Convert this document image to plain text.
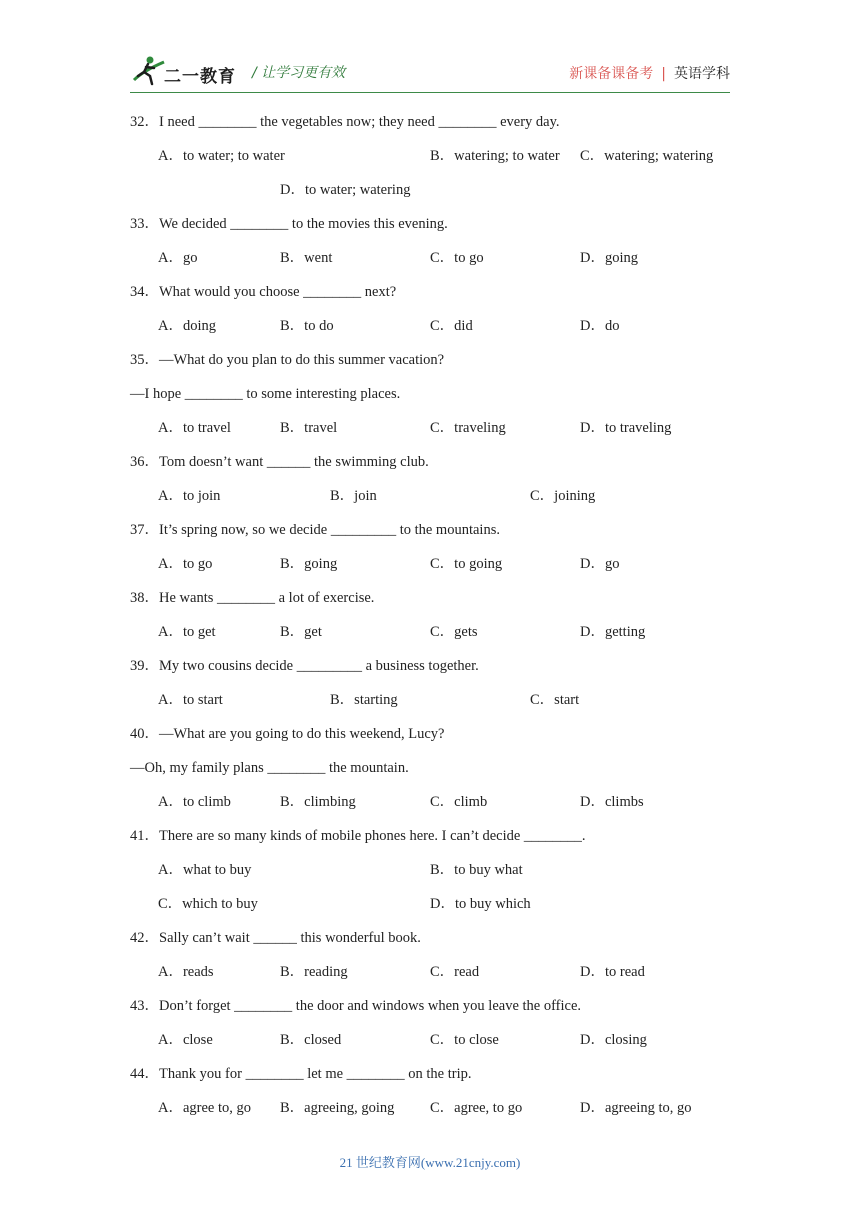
二一教育 / 让学习更有效	新课备课备考 | 英语学科
32．I need ________ the vegetables now; they need ________ every day.
A．to water; to water	B．watering; to water C．watering; watering
D．to water; watering
33．We decided ________ to the movies this evening.
A．go	B．went	C．to go	D．going
34．What would you choose ________ next?
A．doing	B．to do	C．did	D．do
35．—What do you plan to do this summer vacation?
—I hope ________ to some interesting places.
A．to travel	B．travel	C．traveling	D．to traveling
36．Tom doesn’t want ______ the swimming club.
A．to join	B．join	C．joining
37．It’s spring now, so we decide _________ to the mountains.
A．to go	B．going	C．to going	D．go
38．He wants ________ a lot of exercise.
A．to get	B．get	C．gets	D．getting
39．My two cousins decide _________ a business together.
A．to start	B．starting	C．start
40．—What are you going to do this weekend, Lucy?
—Oh, my family plans ________ the mountain.
A．to climb	B．climbing	C．climb	D．climbs
41．There are so many kinds of mobile phones here. I can’t decide ________.
A．what to buy	B．to buy what
C．which to buy	D．to buy which
42．Sally can’t wait ______ this wonderful book.
A．reads	B．reading	C．read	D．to read
43．Don’t forget ________ the door and windows when you leave the office.
A．close	B．closed	C．to close	D．closing
44．Thank you for ________ let me ________ on the trip.
A．agree to, go B．agreeing, going C．agree, to go	D．agreeing to, go
21 世纪教育网(www.21cnjy.com)
